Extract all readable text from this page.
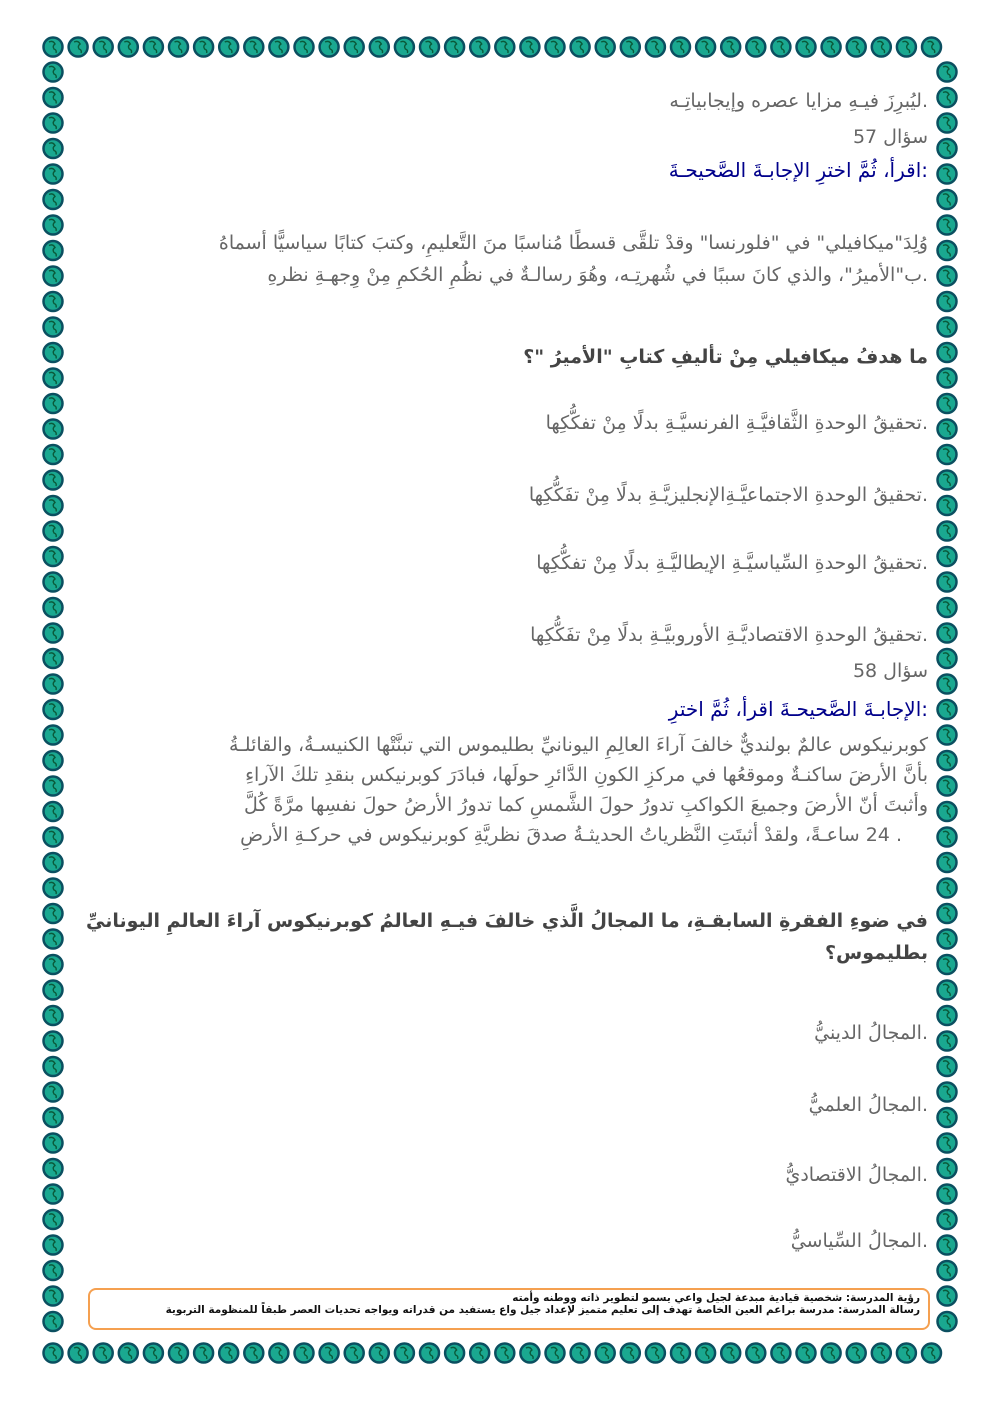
.ليُبرِزَ فيـهِ مزايا عصره وإيجابياتِـه
سؤال 57
:اقرأ، ثُمَّ اخترِ الإجابـةَ الصَّحيحـةَ
وُلِدَ"ميكافيلي" في "فلورنسا" وقدْ تلقَّى قسطًا مُناسبًا منَ التَّعليمِ، وكتبَ كتابًا سياسيًّا أسماهُ
.ب"الأميرُ"، والذي كانَ سببًا في شُهرتِـه، وهُوَ رسالـةٌ في نظُمِ الحُكمِ مِنْ وِجهـةِ نظرهِ
ما هدفُ ميكافيلي مِنْ تأليفِ كتابِ "الأميرُ "؟
.تحقيقُ الوحدةِ الثَّقافيَّـةِ الفرنسيَّـةِ بدلًا مِنْ تفكُّكِها
.تحقيقُ الوحدةِ الاجتماعيَّـةِالإنجليزيَّـةِ بدلًا مِنْ تفَكُّكِها
.تحقيقُ الوحدةِ السِّياسيَّـةِ الإيطاليَّـةِ بدلًا مِنْ تفكُّكِها
.تحقيقُ الوحدةِ الاقتصاديَّـةِ الأوروبيَّـةِ بدلًا مِنْ تفَكُّكِها
سؤال 58
:الإجابـةَ الصَّحيحـةَ اقرأ، ثُمَّ اخترِ
كوبرنيكوس عالمٌ بولنديٌّ خالفَ آراءَ العالِمِ اليونانيِّ بطليموس التي تبنَّتْها الكنيسـةُ، والقائلـةُ
بأنَّ الأرضَ ساكنـةٌ وموقعُها في مركزِ الكونِ الدَّائرِ حولَها، فبادَرَ كوبرنيكس بنقدِ تلكَ الآراءِ
وأثبتَ أنّ الأرضَ وجميعَ الكواكبِ تدورُ حولَ الشَّمسِ كما تدورُ الأرضُ حولَ نفسِها مرَّةً كُلَّ
. 24 ساعـةً، ولقدْ أثبتَتِ النَّظرياتُ الحديثـةُ صدقَ نظريَّةِ كوبرنيكوس في حركـةِ الأرضِ
في ضوءِ الفقرةِ السابقـةِ، ما المجالُ الَّذي خالفَ فيـهِ العالمُ كوبرنيكوس آراءَ العالمِ اليونانيِّ
بطليموس؟
.المجالُ الدينيُّ
.المجالُ العلميُّ
.المجالُ الاقتصاديُّ
.المجالُ السِّياسيُّ
رؤية المدرسة: شخصية قيادية مبدعة لجيل واعي يسمو لتطوير ذاته ووطنه وأمته
رسالة المدرسة: مدرسة براعم العين الخاصة تهدف إلى تعليم متميز لإعداد جيل واع يستفيد من قدراته ويواجه تحديات العصر طبقاً للمنظومة التربوية
